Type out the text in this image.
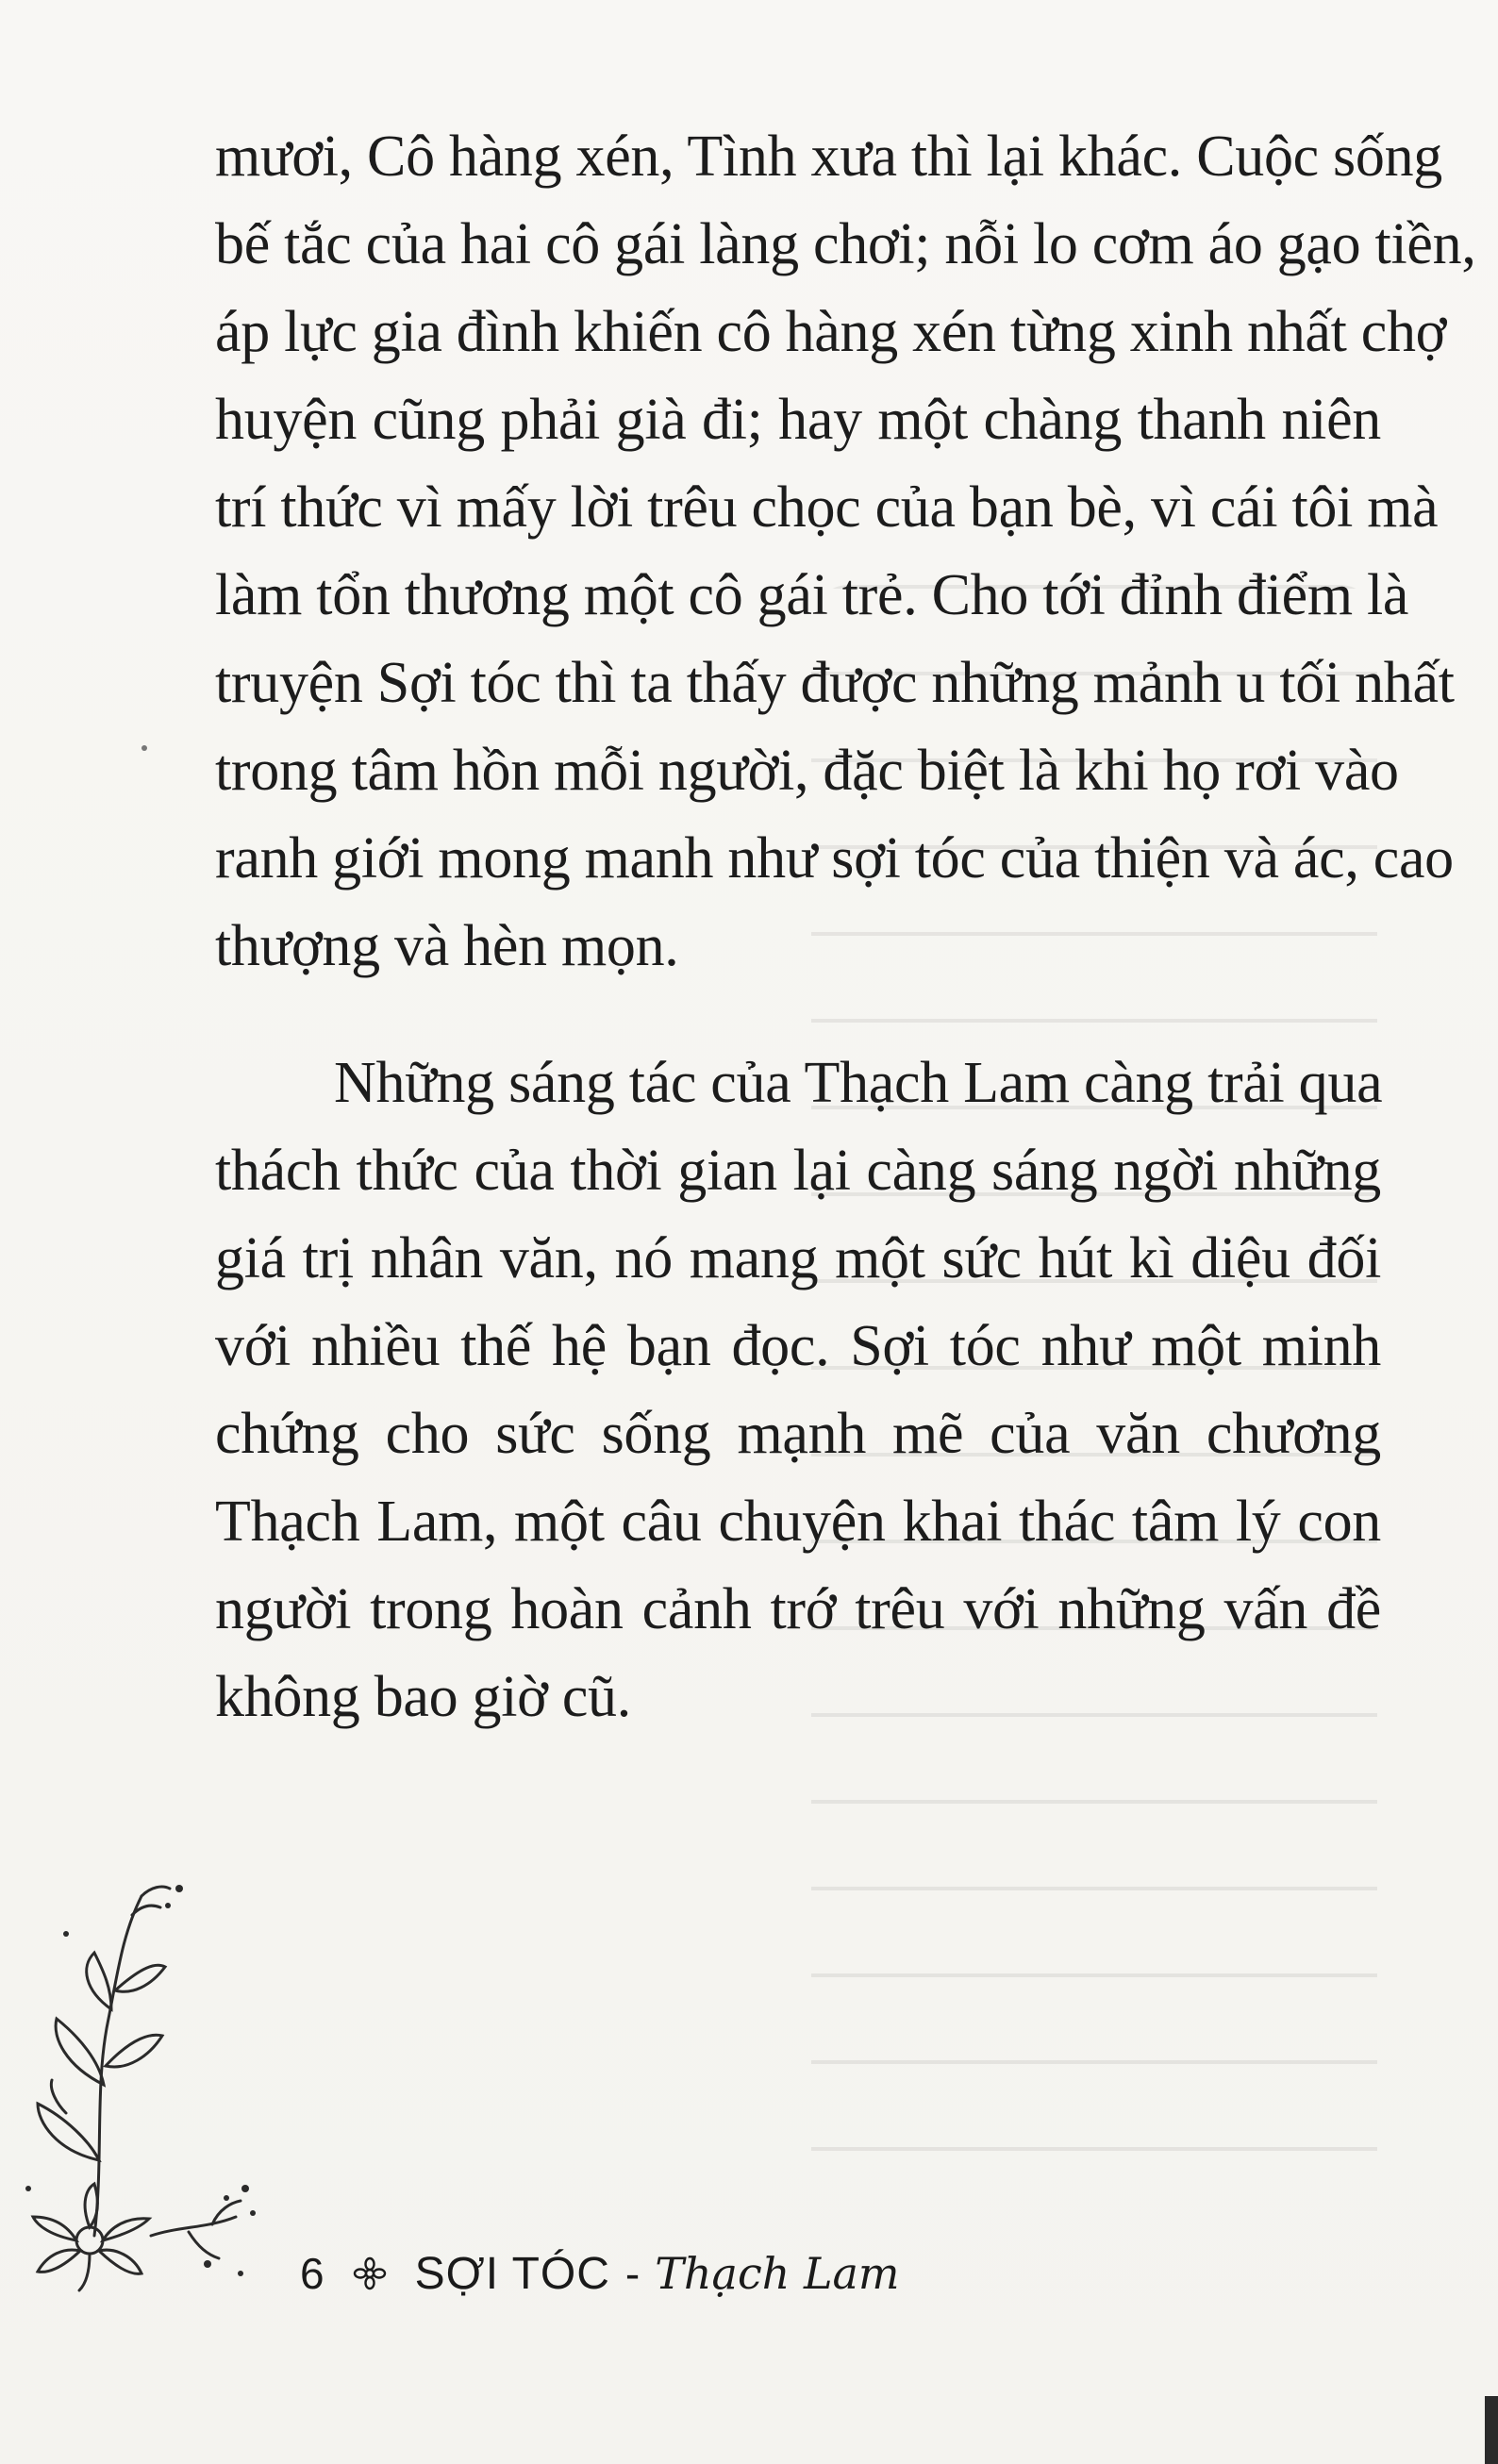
mươi, Cô hàng xén, Tình xưa thì lại khác. Cuộc sống
bế tắc của hai cô gái làng chơi; nỗi lo cơm áo gạo tiền,
áp lực gia đình khiến cô hàng xén từng xinh nhất chợ
huyện cũng phải già đi; hay một chàng thanh niên
trí thức vì mấy lời trêu chọc của bạn bè, vì cái tôi mà
làm tổn thương một cô gái trẻ. Cho tới đỉnh điểm là
truyện Sợi tóc thì ta thấy được những mảnh u tối nhất
trong tâm hồn mỗi người, đặc biệt là khi họ rơi vào
ranh giới mong manh như sợi tóc của thiện và ác, cao
thượng và hèn mọn.
Những sáng tác của Thạch Lam càng trải qua
thách thức của thời gian lại càng sáng ngời những
giá trị nhân văn, nó mang một sức hút kì diệu đối
với nhiều thế hệ bạn đọc. Sợi tóc như một minh
chứng cho sức sống mạnh mẽ của văn chương
Thạch Lam, một câu chuyện khai thác tâm lý con
người trong hoàn cảnh trớ trêu với những vấn đề
không bao giờ cũ.
6 SỢI TÓC - Thạch Lam
